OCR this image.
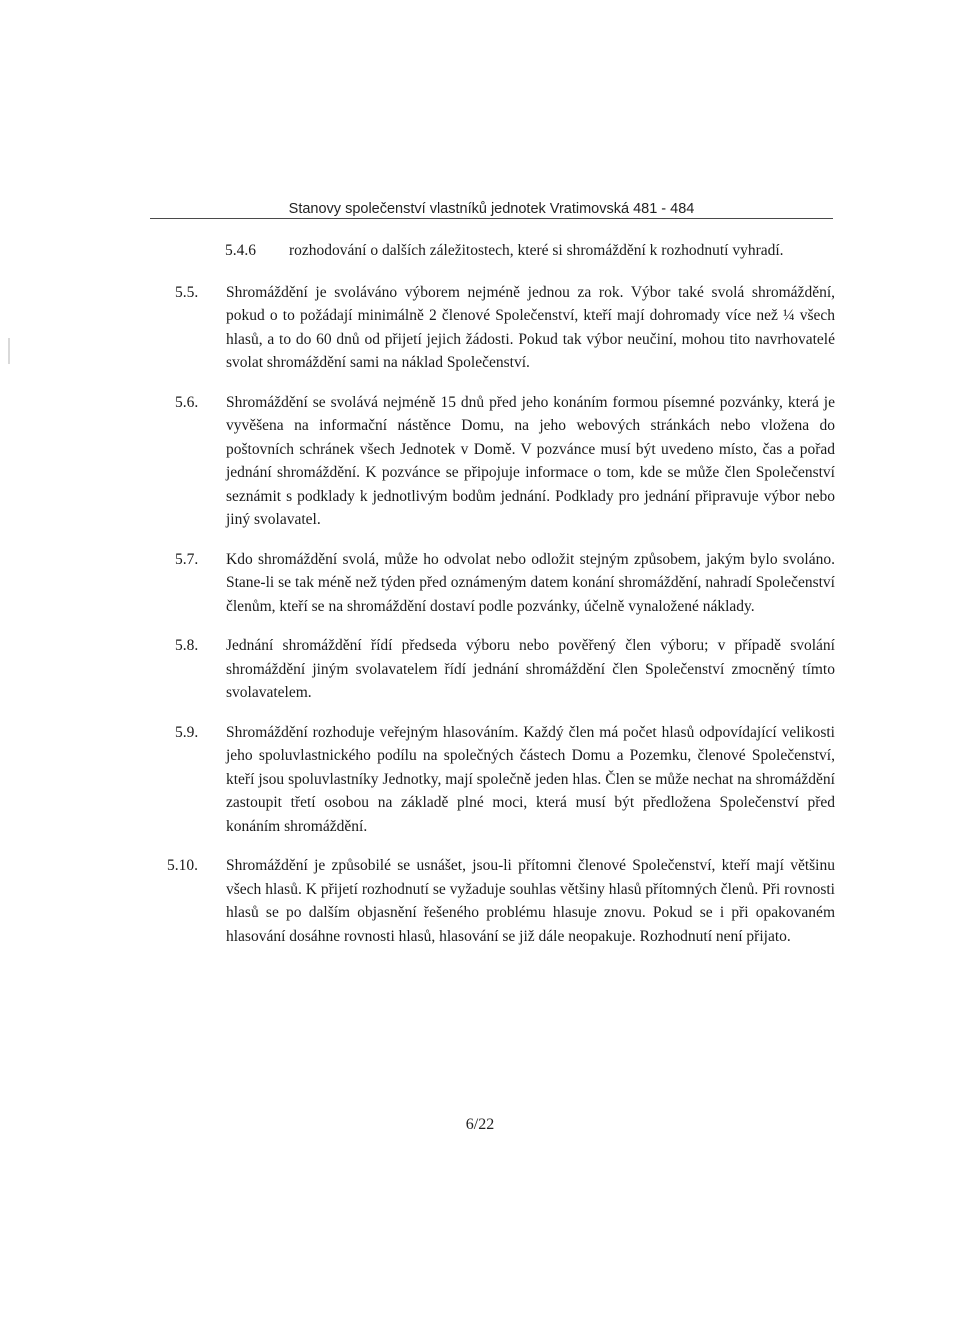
Stanovy společenství vlastníků jednotek Vratimovská 481 - 484
5.4.6	rozhodování o dalších záležitostech, které si shromáždění k rozhodnutí vyhradí.
5.5. Shromáždění je svoláváno výborem nejméně jednou za rok. Výbor také svolá shromáždění, pokud o to požádají minimálně 2 členové Společenství, kteří mají dohromady více než ¼ všech hlasů, a to do 60 dnů od přijetí jejich žádosti. Pokud tak výbor neučiní, mohou tito navrhovatelé svolat shromáždění sami na náklad Společenství.
5.6. Shromáždění se svolává nejméně 15 dnů před jeho konáním formou písemné pozvánky, která je vyvěšena na informační nástěnce Domu, na jeho webových stránkách nebo vložena do poštovních schránek všech Jednotek v Domě. V pozvánce musí být uvedeno místo, čas a pořad jednání shromáždění. K pozvánce se připojuje informace o tom, kde se může člen Společenství seznámit s podklady k jednotlivým bodům jednání. Podklady pro jednání připravuje výbor nebo jiný svolavatel.
5.7. Kdo shromáždění svolá, může ho odvolat nebo odložit stejným způsobem, jakým bylo svoláno. Stane-li se tak méně než týden před oznámeným datem konání shromáždění, nahradí Společenství členům, kteří se na shromáždění dostaví podle pozvánky, účelně vynaložené náklady.
5.8. Jednání shromáždění řídí předseda výboru nebo pověřený člen výboru; v případě svolání shromáždění jiným svolavatelem řídí jednání shromáždění člen Společenství zmocněný tímto svolavatelem.
5.9. Shromáždění rozhoduje veřejným hlasováním. Každý člen má počet hlasů odpovídající velikosti jeho spoluvlastnického podílu na společných částech Domu a Pozemku, členové Společenství, kteří jsou spoluvlastníky Jednotky, mají společně jeden hlas. Člen se může nechat na shromáždění zastoupit třetí osobou na základě plné moci, která musí být předložena Společenství před konáním shromáždění.
5.10. Shromáždění je způsobilé se usnášet, jsou-li přítomni členové Společenství, kteří mají většinu všech hlasů. K přijetí rozhodnutí se vyžaduje souhlas většiny hlasů přítomných členů. Při rovnosti hlasů se po dalším objasnění řešeného problému hlasuje znovu. Pokud se i při opakovaném hlasování dosáhne rovnosti hlasů, hlasování se již dále neopakuje. Rozhodnutí není přijato.
6/22
